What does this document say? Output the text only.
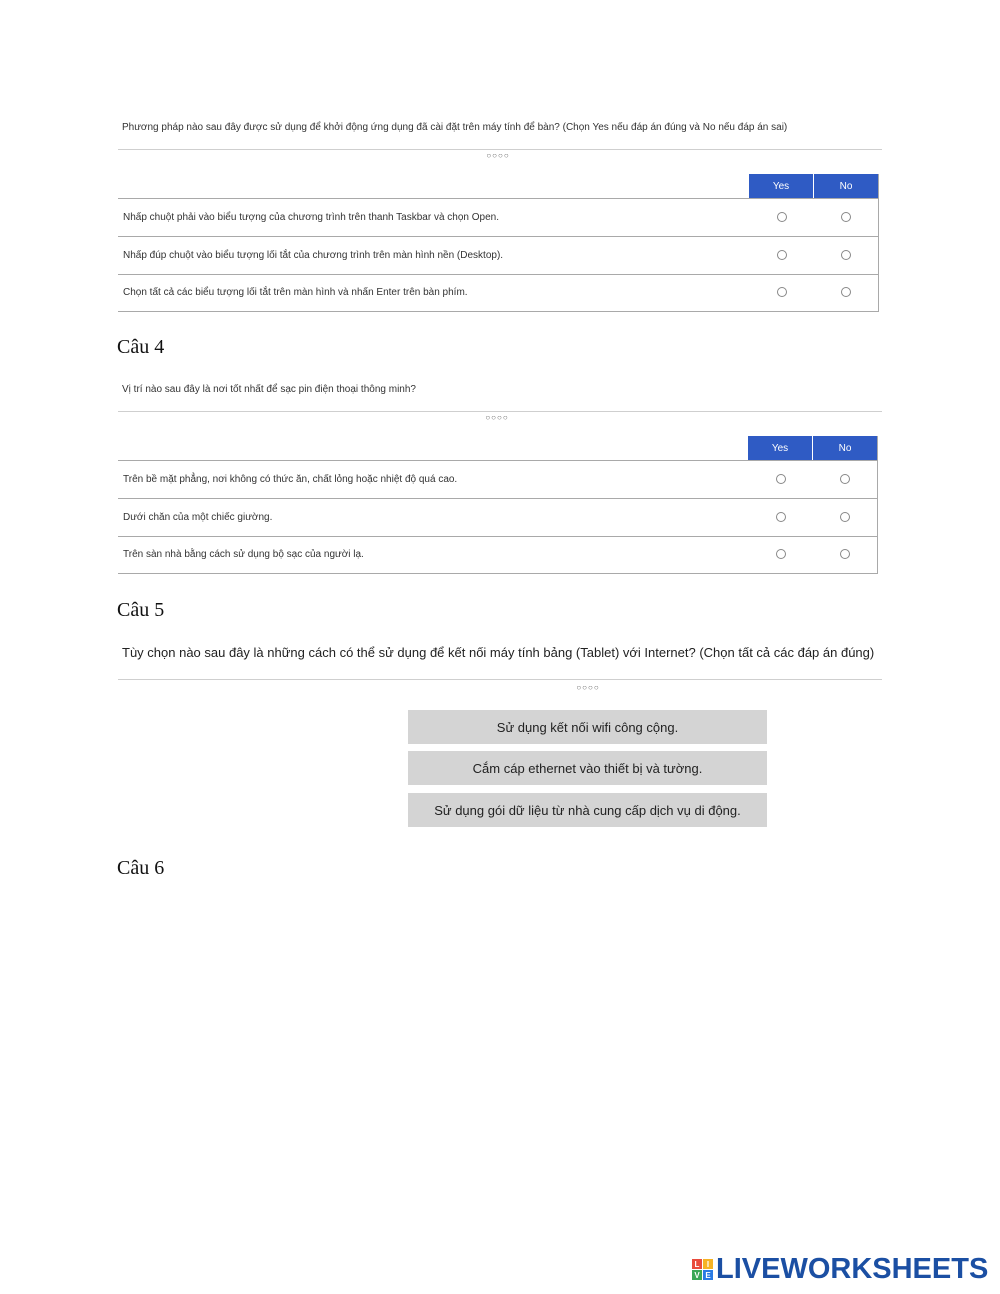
Phương pháp nào sau đây được sử dụng để khởi động ứng dụng đã cài đặt trên máy tính để bàn? (Chọn Yes nếu đáp án đúng và No nếu đáp án sai)
○○○○
Yes	No
Nhấp chuột phải vào biểu tượng của chương trình trên thanh Taskbar và chọn Open.
Nhấp đúp chuột vào biểu tượng lối tắt của chương trình trên màn hình nền (Desktop).
Chọn tất cả các biểu tượng lối tắt trên màn hình và nhấn Enter trên bàn phím.
Câu 4
Vị trí nào sau đây là nơi tốt nhất để sạc pin điện thoại thông minh?
○○○○
Yes	No
Trên bề mặt phẳng, nơi không có thức ăn, chất lỏng hoặc nhiệt độ quá cao.
Dưới chăn của một chiếc giường.
Trên sàn nhà bằng cách sử dụng bộ sạc của người lạ.
Câu 5
Tùy chọn nào sau đây là những cách có thể sử dụng để kết nối máy tính bảng (Tablet) với Internet? (Chọn tất cả các đáp án đúng)
○○○○
Sử dụng kết nối wifi công cộng.
Cắm cáp ethernet vào thiết bị và tường.
Sử dụng gói dữ liệu từ nhà cung cấp dịch vụ di động.
Câu 6
L I
V E LIVEWORKSHEETS
